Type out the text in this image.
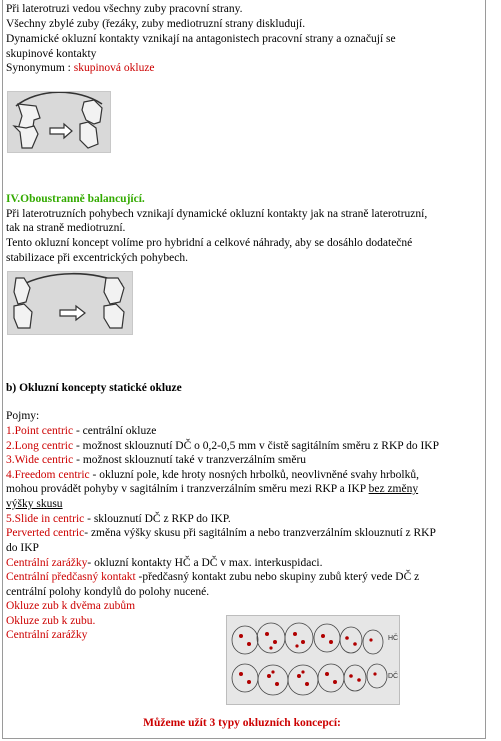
Při laterotruzi vedou všechny zuby pracovní strany.
Všechny zbylé zuby (řezáky, zuby mediotruzní strany diskludují.
Dynamické okluzní kontakty vznikají na antagonistech pracovní strany a označují se
skupinové kontakty
Synonymum : skupinová okluze
IV.Oboustranně balancující.
Při laterotruzních pohybech vznikají dynamické okluzní kontakty jak na straně laterotruzní,
tak na straně mediotruzní.
Tento okluzní koncept volíme pro hybridní a celkové náhrady, aby se dosáhlo dodatečné
stabilizace při excentrických pohybech.
b) Okluzní koncepty statické okluze
Pojmy:
1.Point centric - centrální okluze
2.Long centric - možnost sklouznutí DČ o 0,2-0,5 mm v čistě sagitálním směru z RKP do IKP
3.Wide centric - možnost sklouznutí také v tranzverzálním směru
4.Freedom centric - okluzní pole, kde hroty nosných hrbolků, neovlivněné svahy hrbolků,
mohou provádět pohyby v sagitálním i tranzverzálním směru mezi RKP a IKP bez změny
výšky skusu
5.Slide in centric - sklouznutí DČ z RKP do IKP.
Perverted centric- změna výšky skusu při sagitálním a nebo tranzverzálním sklouznutí z RKP
do IKP
Centrální zarážky- okluzní kontakty HČ a DČ v max. interkuspidaci.
Centrální předčasný kontakt -předčasný kontakt zubu nebo skupiny zubů který vede DČ z
centrální polohy kondylů do polohy nucené.
Okluze zub k dvěma zubům
Okluze zub k zubu.
Centrální zarážky	HČ
DČ
Můžeme užít 3 typy okluzních koncepcí:
